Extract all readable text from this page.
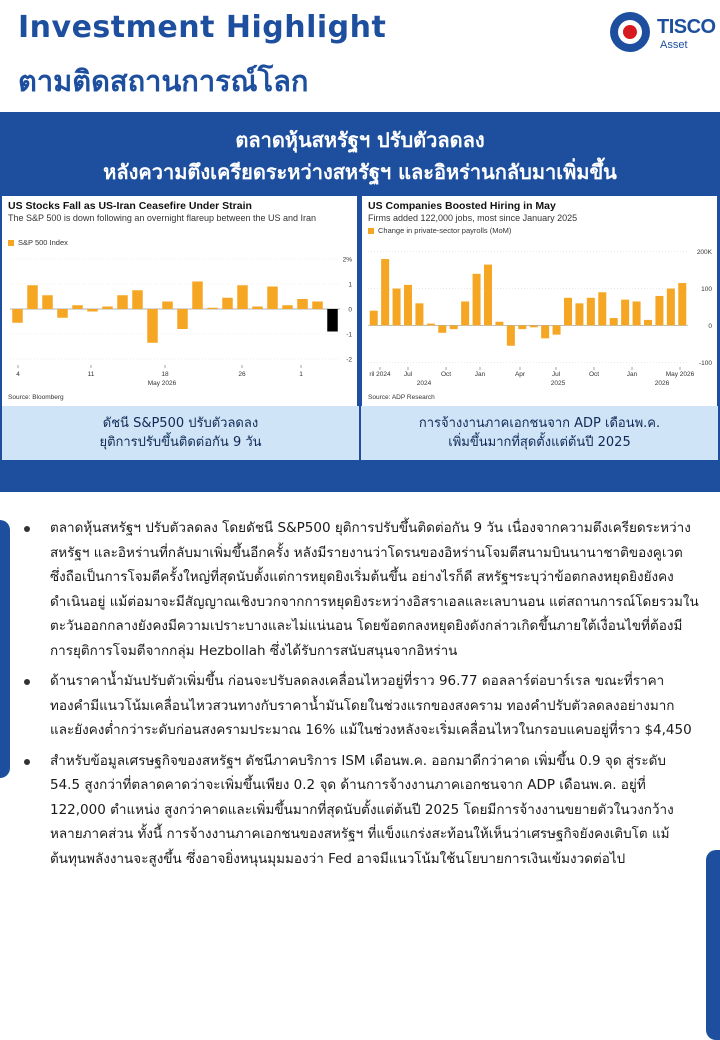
Investment Highlight
ตามติดสถานการณ์โลก
TISCO
Asset
ตลาดหุ้นสหรัฐฯ ปรับตัวลดลง
หลังความตึงเครียดระหว่างสหรัฐฯ และอิหร่านกลับมาเพิ่มขึ้น
US Stocks Fall as US-Iran Ceasefire Under Strain
The S&P 500 is down following an overnight flareup between the US and Iran
S&P 500 Index
2%
1
0
-1
-2
4	11	18	26	1
May 2026
Source: Bloomberg
US Companies Boosted Hiring in May
Firms added 122,000 jobs, most since January 2025
Change in private-sector payrolls (MoM)
200K
100
0
-100
ril 2024 Jul	Oct	Jan	Apr	Jul	Oct	Jan	May 2026
2024	2025	2026
Source: ADP Research
ดัชนี S&P500 ปรับตัวลดลง
ยุติการปรับขึ้นติดต่อกัน 9 วัน
การจ้างงานภาคเอกชนจาก ADP เดือนพ.ค.
เพิ่มขึ้นมากที่สุดตั้งแต่ต้นปี 2025
ตลาดหุ้นสหรัฐฯ ปรับตัวลดลง โดยดัชนี S&P500 ยุติการปรับขึ้นติดต่อกัน 9 วัน เนื่องจากความตึงเครียดระหว่างสหรัฐฯ และอิหร่านที่กลับมาเพิ่มขึ้นอีกครั้ง หลังมีรายงานว่าโดรนของอิหร่านโจมตีสนามบินนานาชาติของคูเวต ซึ่งถือเป็นการโจมตีครั้งใหญ่ที่สุดนับตั้งแต่การหยุดยิงเริ่มต้นขึ้น อย่างไรก็ดี สหรัฐฯระบุว่าข้อตกลงหยุดยิงยังคงดำเนินอยู่ แม้ต่อมาจะมีสัญญาณเชิงบวกจากการหยุดยิงระหว่างอิสราเอลและเลบานอน แต่สถานการณ์โดยรวมในตะวันออกกลางยังคงมีความเปราะบางและไม่แน่นอน โดยข้อตกลงหยุดยิงดังกล่าวเกิดขึ้นภายใต้เงื่อนไขที่ต้องมีการยุติการโจมตีจากกลุ่ม Hezbollah ซึ่งได้รับการสนับสนุนจากอิหร่าน
ด้านราคาน้ำมันปรับตัวเพิ่มขึ้น ก่อนจะปรับลดลงเคลื่อนไหวอยู่ที่ราว 96.77 ดอลลาร์ต่อบาร์เรล ขณะที่ราคาทองคำมีแนวโน้มเคลื่อนไหวสวนทางกับราคาน้ำมันโดยในช่วงแรกของสงคราม ทองคำปรับตัวลดลงอย่างมาก และยังคงต่ำกว่าระดับก่อนสงครามประมาณ 16% แม้ในช่วงหลังจะเริ่มเคลื่อนไหวในกรอบแคบอยู่ที่ราว $4,450
สำหรับข้อมูลเศรษฐกิจของสหรัฐฯ ดัชนีภาคบริการ ISM เดือนพ.ค. ออกมาดีกว่าคาด เพิ่มขึ้น 0.9 จุด สู่ระดับ 54.5 สูงกว่าที่ตลาดคาดว่าจะเพิ่มขึ้นเพียง 0.2 จุด ด้านการจ้างงานภาคเอกชนจาก ADP เดือนพ.ค. อยู่ที่ 122,000 ตำแหน่ง สูงกว่าคาดและเพิ่มขึ้นมากที่สุดนับตั้งแต่ต้นปี 2025 โดยมีการจ้างงานขยายตัวในวงกว้างหลายภาคส่วน ทั้งนี้ การจ้างงานภาคเอกชนของสหรัฐฯ ที่แข็งแกร่งสะท้อนให้เห็นว่าเศรษฐกิจยังคงเติบโต แม้ต้นทุนพลังงานจะสูงขึ้น ซึ่งอาจยิ่งหนุนมุมมองว่า Fed อาจมีแนวโน้มใช้นโยบายการเงินเข้มงวดต่อไป
